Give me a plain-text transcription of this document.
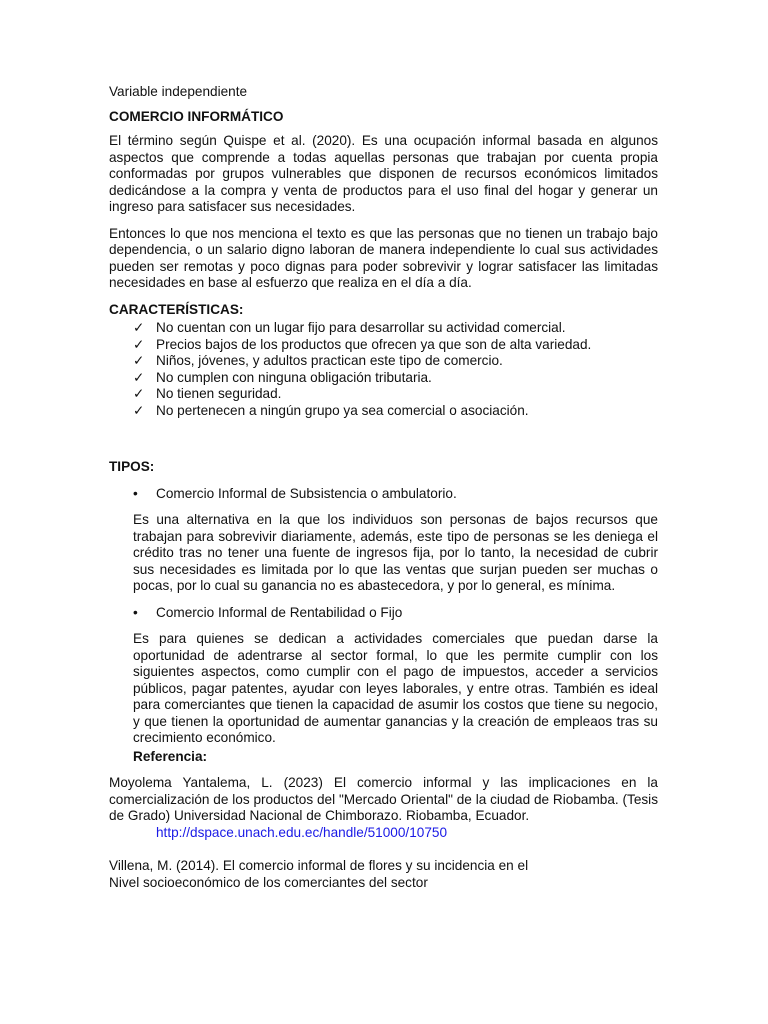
Variable independiente

COMERCIO INFORMÁTICO

El término según Quispe et al. (2020). Es una ocupación informal basada en algunos aspectos que comprende a todas aquellas personas que trabajan por cuenta propia conformadas por grupos vulnerables que disponen de recursos económicos limitados dedicándose a la compra y venta de productos para el uso final del hogar y generar un ingreso para satisfacer sus necesidades.

Entonces lo que nos menciona el texto es que las personas que no tienen un trabajo bajo dependencia, o un salario digno laboran de manera independiente lo cual sus actividades pueden ser remotas y poco dignas para poder sobrevivir y lograr satisfacer las limitadas necesidades en base al esfuerzo que realiza en el día a día.

CARACTERÍSTICAS:

✓ No cuentan con un lugar fijo para desarrollar su actividad comercial.
✓ Precios bajos de los productos que ofrecen ya que son de alta variedad.
✓ Niños, jóvenes, y adultos practican este tipo de comercio.
✓ No cumplen con ninguna obligación tributaria.
✓ No tienen seguridad.
✓ No pertenecen a ningún grupo ya sea comercial o asociación.

TIPOS:

• Comercio Informal de Subsistencia o ambulatorio.

Es una alternativa en la que los individuos son personas de bajos recursos que trabajan para sobrevivir diariamente, además, este tipo de personas se les deniega el crédito tras no tener una fuente de ingresos fija, por lo tanto, la necesidad de cubrir sus necesidades es limitada por lo que las ventas que surjan pueden ser muchas o pocas, por lo cual su ganancia no es abastecedora, y por lo general, es mínima.

• Comercio Informal de Rentabilidad o Fijo

Es para quienes se dedican a actividades comerciales que puedan darse la oportunidad de adentrarse al sector formal, lo que les permite cumplir con los siguientes aspectos, como cumplir con el pago de impuestos, acceder a servicios públicos, pagar patentes, ayudar con leyes laborales, y entre otras. También es ideal para comerciantes que tienen la capacidad de asumir los costos que tiene su negocio, y que tienen la oportunidad de aumentar ganancias y la creación de empleaos tras su crecimiento económico.

Referencia:

Moyolema Yantalema, L. (2023) El comercio informal y las implicaciones en la comercialización de los productos del "Mercado Oriental" de la ciudad de Riobamba. (Tesis de Grado) Universidad Nacional de Chimborazo. Riobamba, Ecuador.

http://dspace.unach.edu.ec/handle/51000/10750

Villena, M. (2014). El comercio informal de flores y su incidencia en el

Nivel socioeconómico de los comerciantes del sector
